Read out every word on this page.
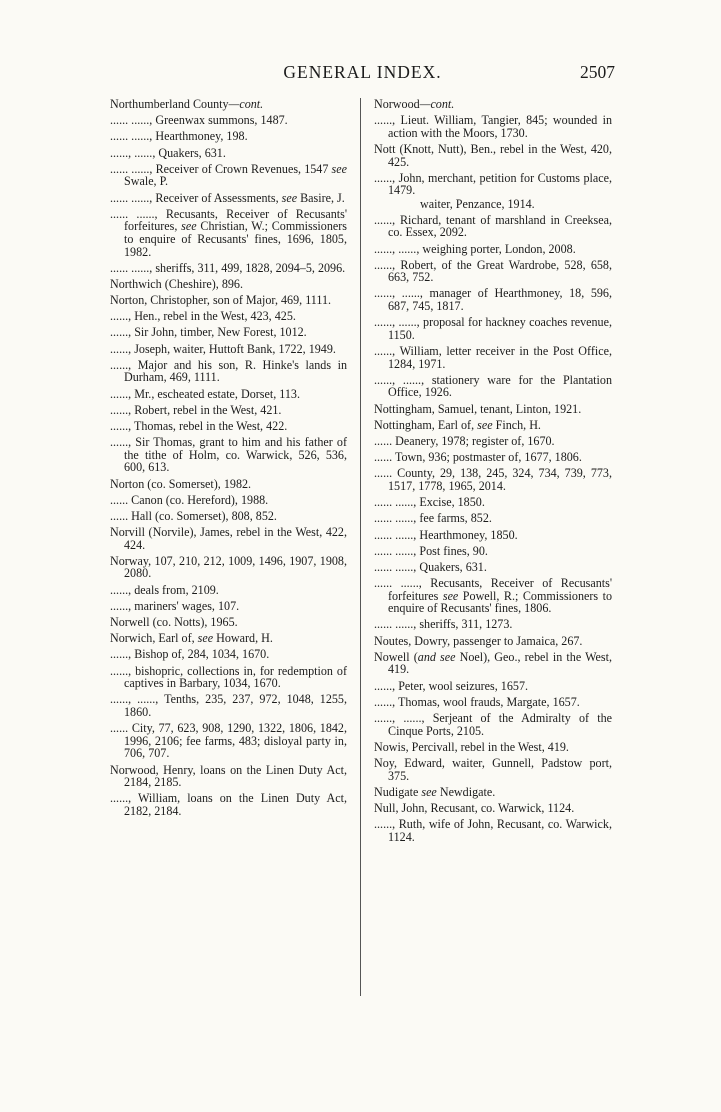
GENERAL INDEX.	2507

Northumberland County—cont.

...... ......, Greenwax summons, 1487.

...... ......, Hearthmoney, 198.

......, ......, Quakers, 631.

...... ......, Receiver of Crown Revenues, 1547 see Swale, P.

...... ......, Receiver of Assessments, see Basire, J.

...... ......, Recusants, Receiver of Recusants' forfeitures, see Christian, W.; Commissioners to enquire of Recusants' fines, 1696, 1805, 1982.

...... ......, sheriffs, 311, 499, 1828, 2094–5, 2096.

Northwich (Cheshire), 896.

Norton, Christopher, son of Major, 469, 1111.

......, Hen., rebel in the West, 423, 425.

......, Sir John, timber, New Forest, 1012.

......, Joseph, waiter, Huttoft Bank, 1722, 1949.

......, Major and his son, R. Hinke's lands in Durham, 469, 1111.

......, Mr., escheated estate, Dorset, 113.

......, Robert, rebel in the West, 421.

......, Thomas, rebel in the West, 422.

......, Sir Thomas, grant to him and his father of the tithe of Holm, co. Warwick, 526, 536, 600, 613.

Norton (co. Somerset), 1982.

...... Canon (co. Hereford), 1988.

...... Hall (co. Somerset), 808, 852.

Norvill (Norvile), James, rebel in the West, 422, 424.

Norway, 107, 210, 212, 1009, 1496, 1907, 1908, 2080.

......, deals from, 2109.

......, mariners' wages, 107.

Norwell (co. Notts), 1965.

Norwich, Earl of, see Howard, H.

......, Bishop of, 284, 1034, 1670.

......, bishopric, collections in, for redemption of captives in Barbary, 1034, 1670.

......, ......, Tenths, 235, 237, 972, 1048, 1255, 1860.

...... City, 77, 623, 908, 1290, 1322, 1806, 1842, 1996, 2106; fee farms, 483; disloyal party in, 706, 707.

Norwood, Henry, loans on the Linen Duty Act, 2184, 2185.

......, William, loans on the Linen Duty Act, 2182, 2184.

Norwood—cont.

......, Lieut. William, Tangier, 845; wounded in action with the Moors, 1730.

Nott (Knott, Nutt), Ben., rebel in the West, 420, 425.

......, John, merchant, petition for Customs place, 1479.

waiter, Penzance, 1914.

......, Richard, tenant of marshland in Creeksea, co. Essex, 2092.

......, ......, weighing porter, London, 2008.

......, Robert, of the Great Wardrobe, 528, 658, 663, 752.

......, ......, manager of Hearthmoney, 18, 596, 687, 745, 1817.

......, ......, proposal for hackney coaches revenue, 1150.

......, William, letter receiver in the Post Office, 1284, 1971.

......, ......, stationery ware for the Plantation Office, 1926.

Nottingham, Samuel, tenant, Linton, 1921.

Nottingham, Earl of, see Finch, H.

...... Deanery, 1978; register of, 1670.

...... Town, 936; postmaster of, 1677, 1806.

...... County, 29, 138, 245, 324, 734, 739, 773, 1517, 1778, 1965, 2014.

...... ......, Excise, 1850.

...... ......, fee farms, 852.

...... ......, Hearthmoney, 1850.

...... ......, Post fines, 90.

...... ......, Quakers, 631.

...... ......, Recusants, Receiver of Recusants' forfeitures see Powell, R.; Commissioners to enquire of Recusants' fines, 1806.

...... ......, sheriffs, 311, 1273.

Noutes, Dowry, passenger to Jamaica, 267.

Nowell (and see Noel), Geo., rebel in the West, 419.

......, Peter, wool seizures, 1657.

......, Thomas, wool frauds, Margate, 1657.

......, ......, Serjeant of the Admiralty of the Cinque Ports, 2105.

Nowis, Percivall, rebel in the West, 419.

Noy, Edward, waiter, Gunnell, Padstow port, 375.

Nudigate see Newdigate.

Null, John, Recusant, co. Warwick, 1124.

......, Ruth, wife of John, Recusant, co. Warwick, 1124.
